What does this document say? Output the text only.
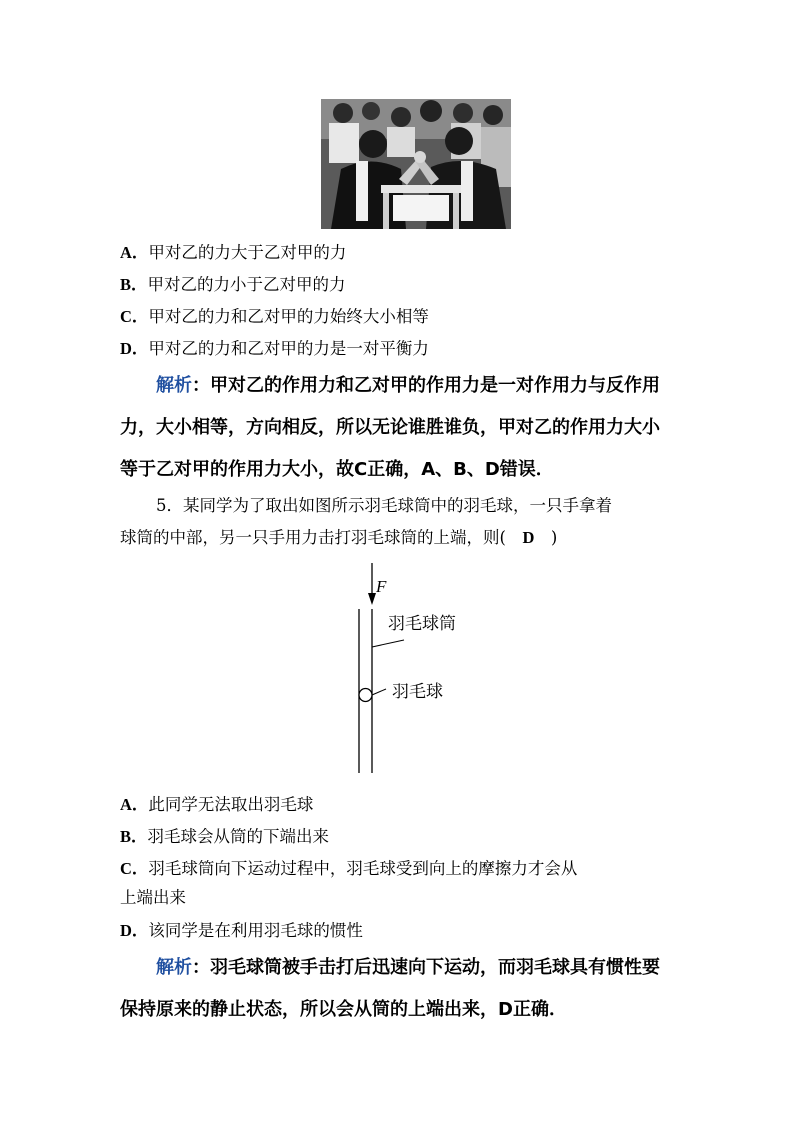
A．甲对乙的力大于乙对甲的力
B．甲对乙的力小于乙对甲的力
C．甲对乙的力和乙对甲的力始终大小相等
D．甲对乙的力和乙对甲的力是一对平衡力
解析：甲对乙的作用力和乙对甲的作用力是一对作用力与反作用
力，大小相等，方向相反，所以无论谁胜谁负，甲对乙的作用力大小
等于乙对甲的作用力大小，故C正确，A、B、D错误．
5．某同学为了取出如图所示羽毛球筒中的羽毛球，一只手拿着
球筒的中部，另一只手用力击打羽毛球筒的上端，则(　D　)
F
羽毛球筒
羽毛球
A．此同学无法取出羽毛球
B．羽毛球会从筒的下端出来
C．羽毛球筒向下运动过程中，羽毛球受到向上的摩擦力才会从
上端出来
D．该同学是在利用羽毛球的惯性
解析：羽毛球筒被手击打后迅速向下运动，而羽毛球具有惯性要
保持原来的静止状态，所以会从筒的上端出来，D正确．
